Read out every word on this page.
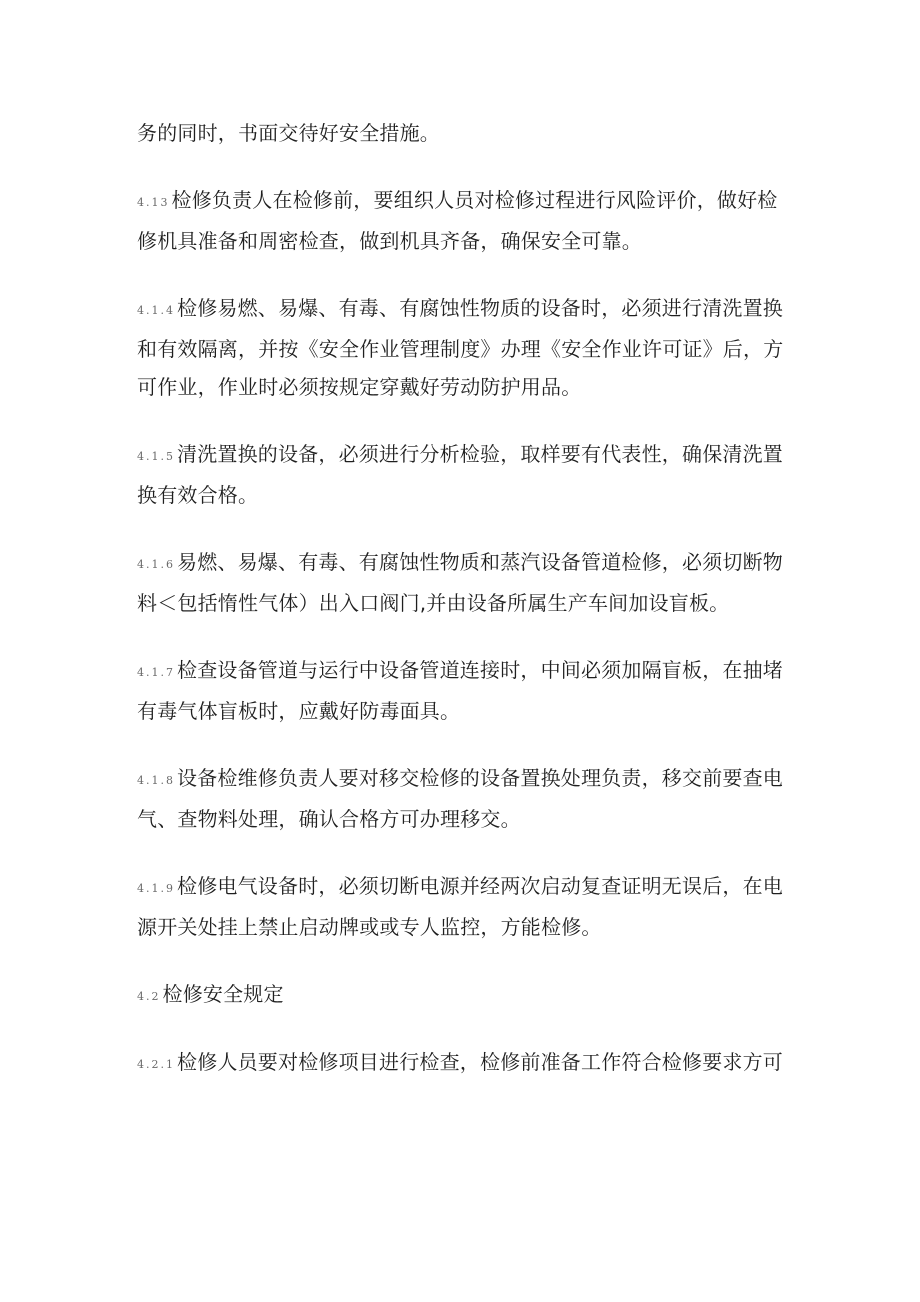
务的同时，书面交待好安全措施。

4.13 检修负责人在检修前，要组织人员对检修过程进行风险评价，做好检修机具准备和周密检查，做到机具齐备，确保安全可靠。

4.1.4 检修易燃、易爆、有毒、有腐蚀性物质的设备时，必须进行清洗置换和有效隔离，并按《安全作业管理制度》办理《安全作业许可证》后，方可作业，作业时必须按规定穿戴好劳动防护用品。

4.1.5 清洗置换的设备，必须进行分析检验，取样要有代表性，确保清洗置换有效合格。

4.1.6 易燃、易爆、有毒、有腐蚀性物质和蒸汽设备管道检修，必须切断物料＜包括惰性气体）出入口阀门,并由设备所属生产车间加设盲板。

4.1.7 检查设备管道与运行中设备管道连接时，中间必须加隔盲板，在抽堵有毒气体盲板时，应戴好防毒面具。

4.1.8 设备检维修负责人要对移交检修的设备置换处理负责，移交前要查电气、查物料处理，确认合格方可办理移交。

4.1.9 检修电气设备时，必须切断电源并经两次启动复查证明无误后，在电源开关处挂上禁止启动牌或或专人监控，方能检修。

4.2 检修安全规定

4.2.1 检修人员要对检修项目进行检查，检修前准备工作符合检修要求方可
